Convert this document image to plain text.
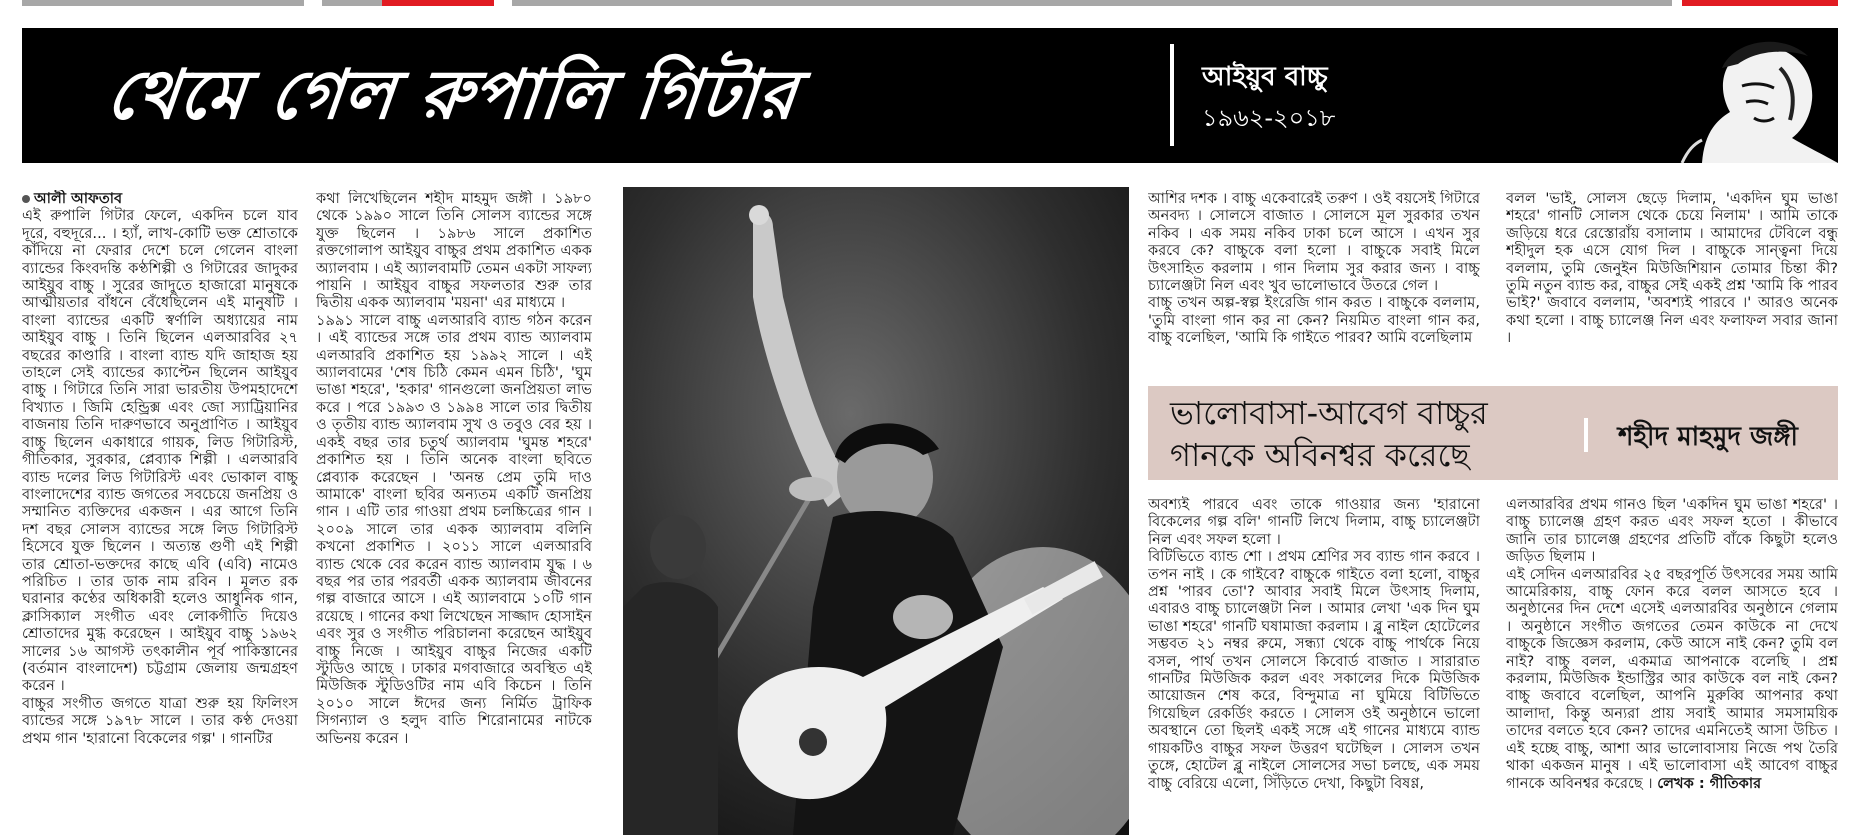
থেমে গেল রুপালি গিটার	আইয়ুব বাচ্চু
১৯৬২-২০১৮

আলী আফতাব

এই রুপালি গিটার ফেলে, একদিন চলে যাব দূরে, বহুদূরে... । হ্যাঁ, লাখ-কোটি ভক্ত শ্রোতাকে কাঁদিয়ে না ফেরার দেশে চলে গেলেন বাংলা ব্যান্ডের কিংবদন্তি কণ্ঠশিল্পী ও গিটারের জাদুকর আইয়ুব বাচ্চু । সুরের জাদুতে হাজারো মানুষকে আত্মীয়তার বাঁধনে বেঁধেছিলেন এই মানুষটি । বাংলা ব্যান্ডের একটি স্বর্ণালি অধ্যায়ের নাম আইয়ুব বাচ্চু । তিনি ছিলেন এলআরবির ২৭ বছরের কাণ্ডারি । বাংলা ব্যান্ড যদি জাহাজ হয় তাহলে সেই ব্যান্ডের ক্যাপ্টেন ছিলেন আইয়ুব বাচ্চু । গিটারে তিনি সারা ভারতীয় উপমহাদেশে বিখ্যাত । জিমি হেন্ড্রিক্স এবং জো স্যাট্রিয়ানির বাজনায় তিনি দারুণভাবে অনুপ্রাণিত । আইয়ুব বাচ্চু ছিলেন একাধারে গায়ক, লিড গিটারিস্ট, গীতিকার, সুরকার, প্লেব্যাক শিল্পী । এলআরবি ব্যান্ড দলের লিড গিটারিস্ট এবং ভোকাল বাচ্চু বাংলাদেশের ব্যান্ড জগতের সবচেয়ে জনপ্রিয় ও সম্মানিত ব্যক্তিদের একজন । এর আগে তিনি দশ বছর সোলস ব্যান্ডের সঙ্গে লিড গিটারিস্ট হিসেবে যুক্ত ছিলেন । অত্যন্ত গুণী এই শিল্পী তার শ্রোতা-ভক্তদের কাছে এবি (এবি) নামেও পরিচিত । তার ডাক নাম রবিন । মূলত রক ঘরানার কণ্ঠের অধিকারী হলেও আধুনিক গান, ক্লাসিক্যাল সংগীত এবং লোকগীতি দিয়েও শ্রোতাদের মুগ্ধ করেছেন । আইয়ুব বাচ্চু ১৯৬২ সালের ১৬ আগস্ট তৎকালীন পূর্ব পাকিস্তানের (বর্তমান বাংলাদেশ) চট্টগ্রাম জেলায় জন্মগ্রহণ করেন ।

বাচ্চুর সংগীত জগতে যাত্রা শুরু হয় ফিলিংস ব্যান্ডের সঙ্গে ১৯৭৮ সালে । তার কণ্ঠ দেওয়া প্রথম গান 'হারানো বিকেলের গল্প' । গানটির

কথা লিখেছিলেন শহীদ মাহমুদ জঙ্গী । ১৯৮০ থেকে ১৯৯০ সালে তিনি সোলস ব্যান্ডের সঙ্গে যুক্ত ছিলেন । ১৯৮৬ সালে প্রকাশিত রক্তগোলাপ আইয়ুব বাচ্চুর প্রথম প্রকাশিত একক অ্যালবাম । এই অ্যালবামটি তেমন একটা সাফল্য পায়নি । আইয়ুব বাচ্চুর সফলতার শুরু তার দ্বিতীয় একক অ্যালবাম 'ময়না' এর মাধ্যমে ।

১৯৯১ সালে বাচ্চু এলআরবি ব্যান্ড গঠন করেন । এই ব্যান্ডের সঙ্গে তার প্রথম ব্যান্ড অ্যালবাম এলআরবি প্রকাশিত হয় ১৯৯২ সালে । এই অ্যালবামের 'শেষ চিঠি কেমন এমন চিঠি', 'ঘুম ভাঙা শহরে', 'হকার' গানগুলো জনপ্রিয়তা লাভ করে । পরে ১৯৯৩ ও ১৯৯৪ সালে তার দ্বিতীয় ও তৃতীয় ব্যান্ড অ্যালবাম সুখ ও তবুও বের হয় । একই বছর তার চতুর্থ অ্যালবাম 'ঘুমন্ত শহরে' প্রকাশিত হয় । তিনি অনেক বাংলা ছবিতে প্লেব্যাক করেছেন । 'অনন্ত প্রেম তুমি দাও আমাকে' বাংলা ছবির অন্যতম একটি জনপ্রিয় গান । এটি তার গাওয়া প্রথম চলচ্চিত্রের গান । ২০০৯ সালে তার একক অ্যালবাম বলিনি কখনো প্রকাশিত । ২০১১ সালে এলআরবি ব্যান্ড থেকে বের করেন ব্যান্ড অ্যালবাম যুদ্ধ । ৬ বছর পর তার পরবর্তী একক অ্যালবাম জীবনের গল্প বাজারে আসে । এই অ্যালবামে ১০টি গান রয়েছে । গানের কথা লিখেছেন সাজ্জাদ হোসাইন এবং সুর ও সংগীত পরিচালনা করেছেন আইয়ুব বাচ্চু নিজে । আইয়ুব বাচ্চুর নিজের একটি স্টুডিও আছে । ঢাকার মগবাজারে অবস্থিত এই মিউজিক স্টুডিওটির নাম এবি কিচেন । তিনি ২০১০ সালে ঈদের জন্য নির্মিত ট্রাফিক সিগন্যাল ও হলুদ বাতি শিরোনামের নাটকে অভিনয় করেন ।

আশির দশক । বাচ্চু একেবারেই তরুণ । ওই বয়সেই গিটারে অনবদ্য । সোলসে বাজাত । সোলসে মূল সুরকার তখন নকিব । এক সময় নকিব ঢাকা চলে আসে । এখন সুর করবে কে? বাচ্চুকে বলা হলো । বাচ্চুকে সবাই মিলে উৎসাহিত করলাম । গান দিলাম সুর করার জন্য । বাচ্চু চ্যালেঞ্জটা নিল এবং খুব ভালোভাবে উতরে গেল ।

বাচ্চু তখন অল্প-স্বল্প ইংরেজি গান করত । বাচ্চুকে বললাম, 'তুমি বাংলা গান কর না কেন? নিয়মিত বাংলা গান কর, বাচ্চু বলেছিল, 'আমি কি গাইতে পারব? আমি বলেছিলাম

বলল 'ভাই, সোলস ছেড়ে দিলাম, 'একদিন ঘুম ভাঙা শহরে' গানটি সোলস থেকে চেয়ে নিলাম' । আমি তাকে জড়িয়ে ধরে রেস্তোরাঁয় বসালাম । আমাদের টেবিলে বন্ধু শহীদুল হক এসে যোগ দিল । বাচ্চুকে সান্ত্বনা দিয়ে বললাম, তুমি জেনুইন মিউজিশিয়ান তোমার চিন্তা কী? তুমি নতুন ব্যান্ড কর, বাচ্চুর সেই একই প্রশ্ন 'আমি কি পারব ভাই?' জবাবে বললাম, 'অবশ্যই পারবে ।' আরও অনেক কথা হলো । বাচ্চু চ্যালেঞ্জ নিল এবং ফলাফল সবার জানা ।

ভালোবাসা-আবেগ বাচ্চুর
গানকে অবিনশ্বর করেছে	শহীদ মাহমুদ জঙ্গী

অবশ্যই পারবে এবং তাকে গাওয়ার জন্য 'হারানো বিকেলের গল্প বলি' গানটি লিখে দিলাম, বাচ্চু চ্যালেঞ্জটা নিল এবং সফল হলো ।

বিটিভিতে ব্যান্ড শো । প্রথম শ্রেণির সব ব্যান্ড গান করবে । তপন নাই । কে গাইবে? বাচ্চুকে গাইতে বলা হলো, বাচ্চুর প্রশ্ন 'পারব তো'? আবার সবাই মিলে উৎসাহ দিলাম, এবারও বাচ্চু চ্যালেঞ্জটা নিল । আমার লেখা 'এক দিন ঘুম ভাঙা শহরে' গানটি ঘষামাজা করলাম । ব্লু নাইল হোটেলের সম্ভবত ২১ নম্বর রুমে, সন্ধ্যা থেকে বাচ্চু পার্থকে নিয়ে বসল, পার্থ তখন সোলসে কিবোর্ড বাজাত । সারারাত গানটির মিউজিক করল এবং সকালের দিকে মিউজিক আয়োজন শেষ করে, বিন্দুমাত্র না ঘুমিয়ে বিটিভিতে গিয়েছিল রেকর্ডিং করতে । সোলস ওই অনুষ্ঠানে ভালো অবস্থানে তো ছিলই একই সঙ্গে এই গানের মাধ্যমে ব্যান্ড গায়কটিও বাচ্চুর সফল উত্তরণ ঘটেছিল । সোলস তখন তুঙ্গে, হোটেল ব্লু নাইলে সোলসের সভা চলছে, এক সময় বাচ্চু বেরিয়ে এলো, সিঁড়িতে দেখা, কিছুটা বিষণ্ণ,

এলআরবির প্রথম গানও ছিল 'একদিন ঘুম ভাঙা শহরে' । বাচ্চু চ্যালেঞ্জ গ্রহণ করত এবং সফল হতো । কীভাবে জানি তার চ্যালেঞ্জ গ্রহণের প্রতিটি বাঁকে কিছুটা হলেও জড়িত ছিলাম ।

এই সেদিন এলআরবির ২৫ বছরপূর্তি উৎসবের সময় আমি আমেরিকায়, বাচ্চু ফোন করে বলল আসতে হবে । অনুষ্ঠানের দিন দেশে এসেই এলআরবির অনুষ্ঠানে গেলাম । অনুষ্ঠানে সংগীত জগতের তেমন কাউকে না দেখে বাচ্চুকে জিজ্ঞেস করলাম, কেউ আসে নাই কেন? তুমি বল নাই? বাচ্চু বলল, একমাত্র আপনাকে বলেছি । প্রশ্ন করলাম, মিউজিক ইন্ডাস্ট্রির আর কাউকে বল নাই কেন? বাচ্চু জবাবে বলেছিল, আপনি মুরুব্বি আপনার কথা আলাদা, কিন্তু অন্যরা প্রায় সবাই আমার সমসাময়িক তাদের বলতে হবে কেন? তাদের এমনিতেই আসা উচিত । এই হচ্ছে বাচ্চু, আশা আর ভালোবাসায় নিজে পথ তৈরি থাকা একজন মানুষ । এই ভালোবাসা এই আবেগ বাচ্চুর গানকে অবিনশ্বর করেছে । লেখক : গীতিকার
